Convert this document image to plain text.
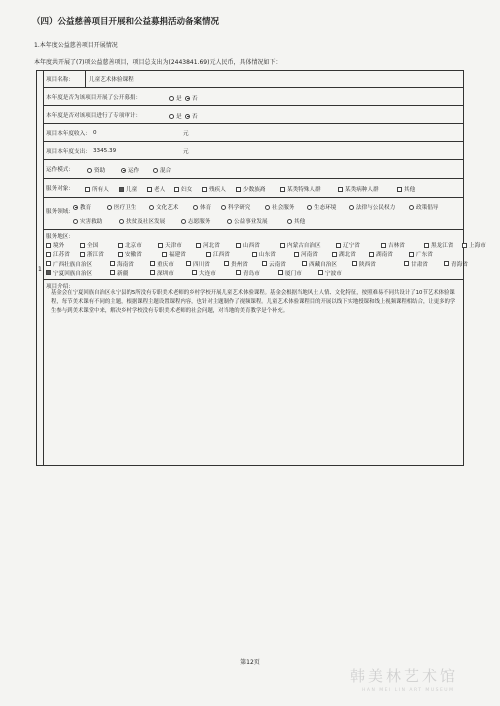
（四）公益慈善项目开展和公益募捐活动备案情况
1.本年度公益慈善项目开展情况
本年度共开展了(7)项公益慈善项目，项目总支出为(2443841.69)元人民币，具体情况如下：
1
项目名称：	儿童艺术体验课程
本年度是否为该项目开展了公开募捐：	是 否
本年度是否对该项目进行了专项审计：	是 否
项目本年度收入： 0	元
项目本年度支出： 3345.39	元
运作模式：	资助	运作	混合
服务对象：	所有人	儿童	老人	妇女	残疾人	少数族裔	某类特殊人群	某类病种人群	其他
服务领域：
教育	医疗卫生	文化艺术	体育	科学研究	社会服务	生态环境	法律与公民权力	政策倡导
灾害救助	扶贫及社区发展	志愿服务	公益事业发展	其他
服务地区：
境外	全国	北京市	天津市	河北省	山西省	内蒙古自治区	辽宁省	吉林省	黑龙江省	上海市
江苏省	浙江省	安徽省	福建省	江西省	山东省	河南省	湖北省	湖南省	广东省
广西壮族自治区	海南省	重庆市	四川省	贵州省	云南省	西藏自治区	陕西省	甘肃省	青海省
宁夏回族自治区	新疆	深圳市	大连市	青岛市	厦门市	宁波市
项目介绍：
基金会在宁夏回族自治区永宁县的5所没有专职美术老师的乡村学校开展儿童艺术体验课程。基金会根据当地风土人情、文化特征，按照难易不同共设计了10节艺术体验课程，每节美术课有不同的主题，根据课程主题设置课程内容，也针对主题制作了视频课程。儿童艺术体验课程目的开展以线下实地授课和线上视频课程相结合，让更多的学生参与到美术课堂中来，解决乡村学校没有专职美术老师的社会问题，对当地的美育教学是个补充。
第12页
韩美林艺术馆
HAN MEI LIN ART MUSEUM
